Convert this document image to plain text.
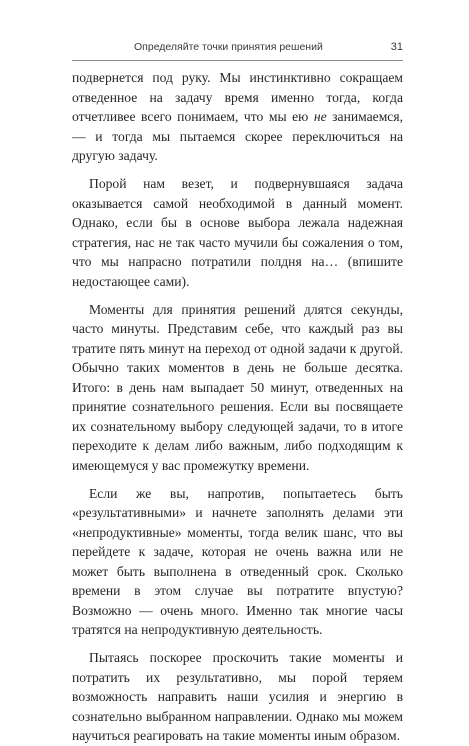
Определяйте точки принятия решений	31

подвернется под руку. Мы инстинктивно сокращаем отведенное на задачу время именно тогда, когда отчетливее всего понимаем, что мы ею не занимаемся, — и тогда мы пытаемся скорее переключиться на другую задачу.

Порой нам везет, и подвернувшаяся задача оказывается самой необходимой в данный момент. Однако, если бы в основе выбора лежала надежная стратегия, нас не так часто мучили бы сожаления о том, что мы напрасно потратили полдня на… (впишите недостающее сами).

Моменты для принятия решений длятся секунды, часто минуты. Представим себе, что каждый раз вы тратите пять минут на переход от одной задачи к другой. Обычно таких моментов в день не больше десятка. Итого: в день нам выпадает 50 минут, отведенных на принятие сознательного решения. Если вы посвящаете их сознательному выбору следующей задачи, то в итоге переходите к делам либо важным, либо подходящим к имеющемуся у вас промежутку времени.

Если же вы, напротив, попытаетесь быть «результативными» и начнете заполнять делами эти «непродуктивные» моменты, тогда велик шанс, что вы перейдете к задаче, которая не очень важна или не может быть выполнена в отведенный срок. Сколько времени в этом случае вы потратите впустую? Возможно — очень много. Именно так многие часы тратятся на непродуктивную деятельность.

Пытаясь поскорее проскочить такие моменты и потратить их результативно, мы порой теряем возможность направить наши усилия и энергию в сознательно выбранном направлении. Однако мы можем научиться реагировать на такие моменты иным образом.
